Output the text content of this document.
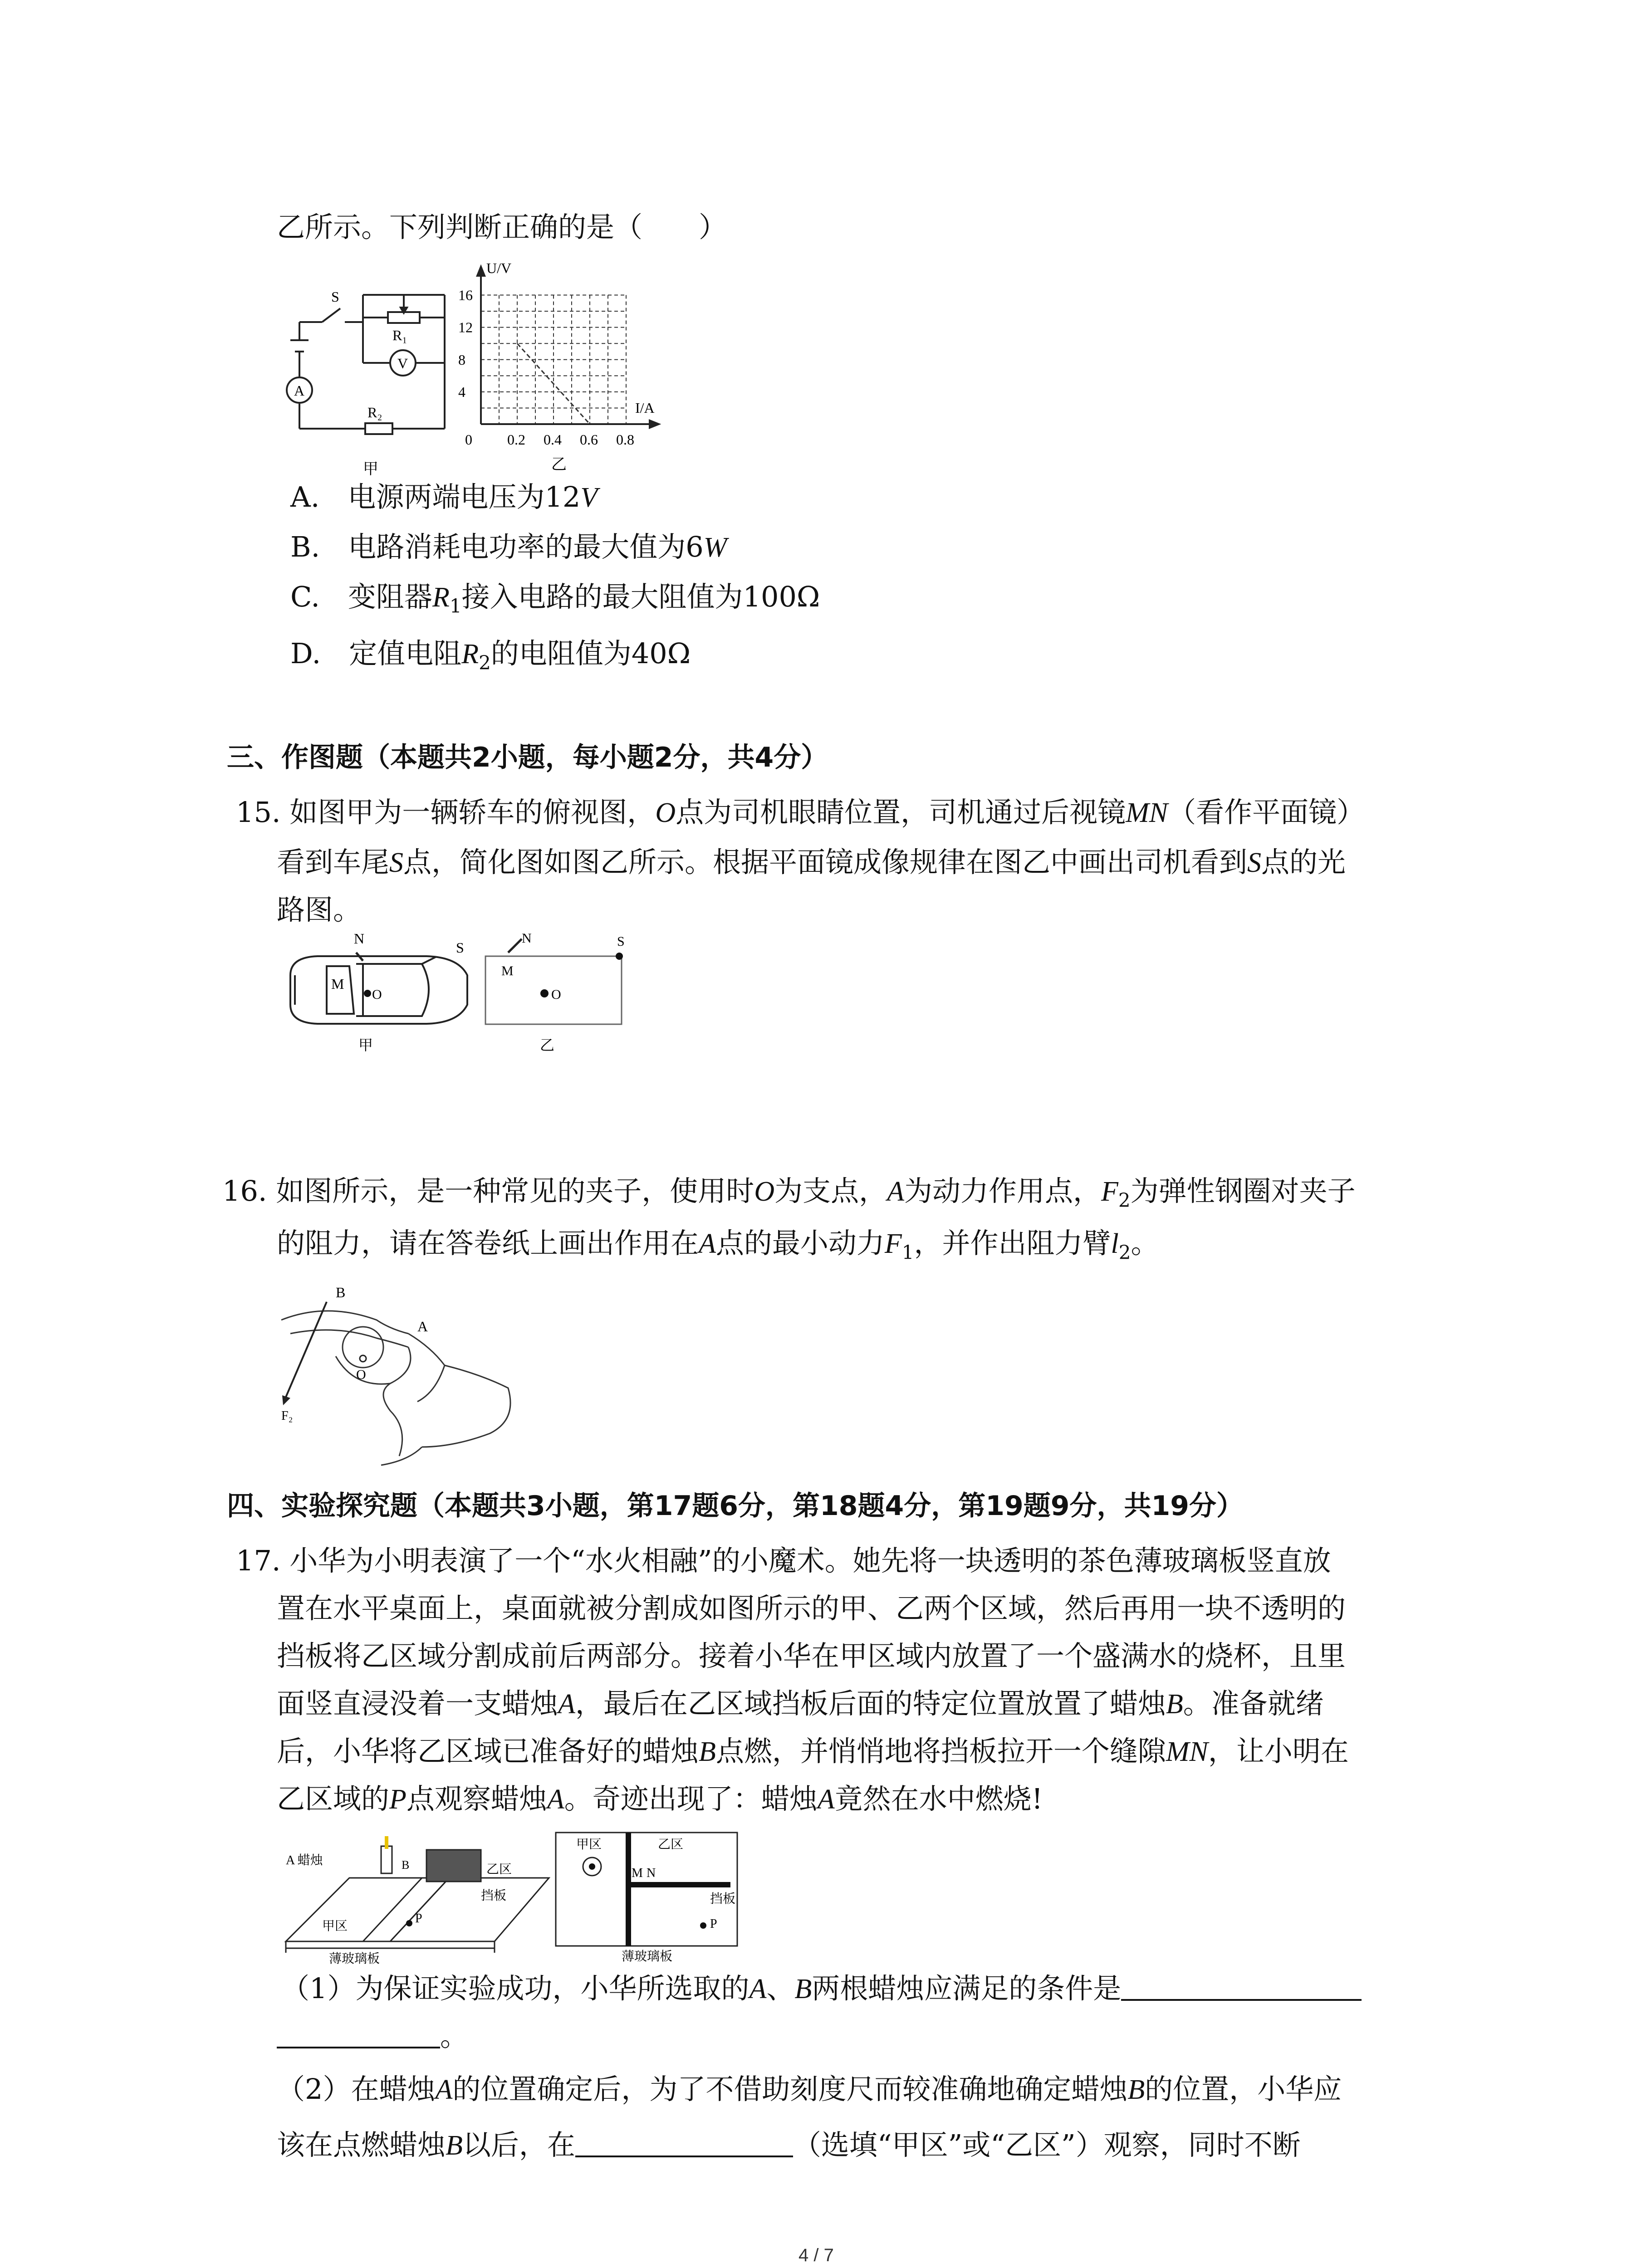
乙所示。下列判断正确的是（　　）
S
R₁
V
A
R₂
甲
16
12
8
4
0.2 0.4 0.6 0.8
U/V
I/A
0
乙
A.　电源两端电压为12V
B.　电路消耗电功率的最大值为6W
C.　变阻器$R_1$接入电路的最大阻值为100Ω
D.　定值电阻$R_2$的电阻值为40Ω
三、作图题（本题共2小题，每小题2分，共4分）
15. 如图甲为一辆轿车的俯视图，O点为司机眼睛位置，司机通过后视镜MN（看作平面镜）
看到车尾S点，简化图如图乙所示。根据平面镜成像规律在图乙中画出司机看到S点的光
路图。
N
M
O
S
甲
N
M
O
S
乙
16. 如图所示，是一种常见的夹子，使用时O为支点，A为动力作用点，$F_2$为弹性钢圈对夹子
的阻力，请在答卷纸上画出作用在A点的最小动力$F_1$，并作出阻力臂$l_2$。
B
A
O
F₂
四、实验探究题（本题共3小题，第17题6分，第18题4分，第19题9分，共19分）
17. 小华为小明表演了一个“水火相融”的小魔术。她先将一块透明的茶色薄玻璃板竖直放
置在水平桌面上，桌面就被分割成如图所示的甲、乙两个区域，然后再用一块不透明的
挡板将乙区域分割成前后两部分。接着小华在甲区域内放置了一个盛满水的烧杯，且里
面竖直浸没着一支蜡烛A，最后在乙区域挡板后面的特定位置放置了蜡烛B。准备就绪
后，小华将乙区域已准备好的蜡烛B点燃，并悄悄地将挡板拉开一个缝隙MN，让小明在
乙区域的P点观察蜡烛A。奇迹出现了：蜡烛A竟然在水中燃烧!
A 蜡烛	B	乙区
甲区
挡板
P
薄玻璃板
甲区	乙区
M N
挡板
P
薄玻璃板
（1）为保证实验成功，小华所选取的A、B两根蜡烛应满足的条件是
。
（2）在蜡烛A的位置确定后，为了不借助刻度尺而较准确地确定蜡烛B的位置，小华应
该在点燃蜡烛B以后，在	（选填“甲区”或“乙区”）观察，同时不断
4 / 7
